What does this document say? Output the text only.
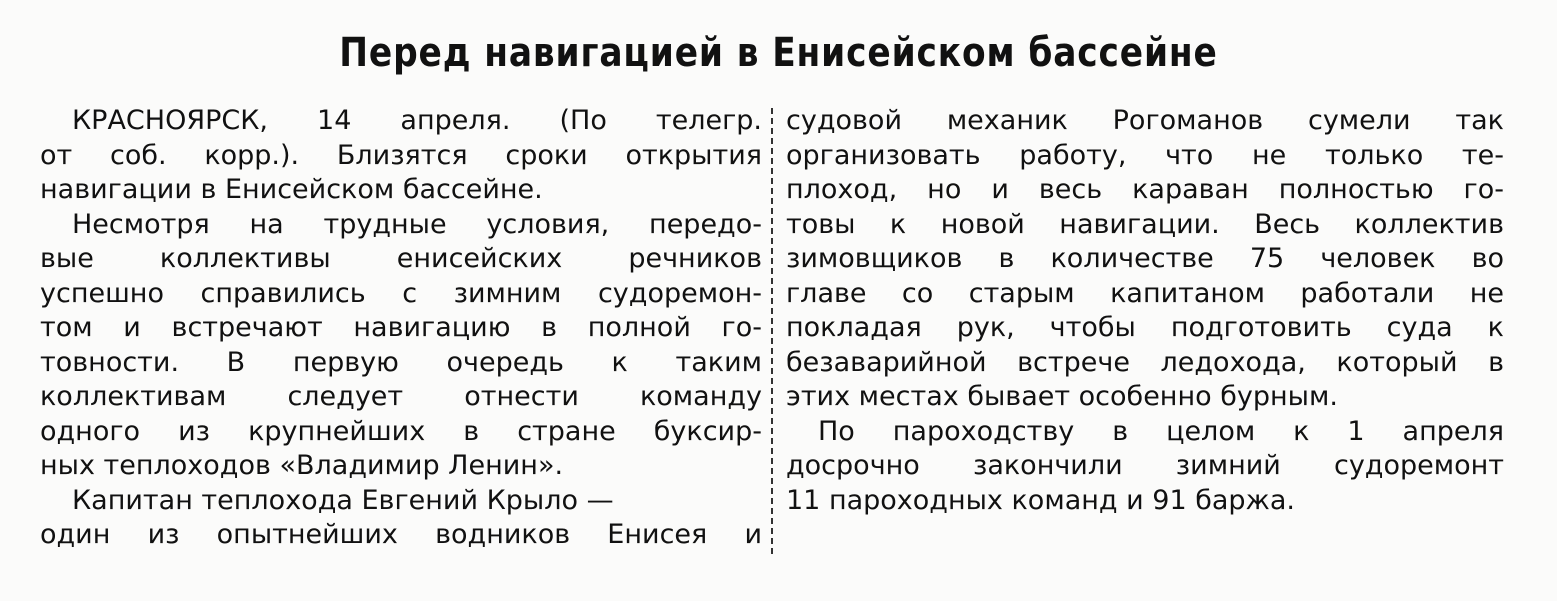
Перед навигацией в Енисейском бассейне
КРАСНОЯРСК, 14 апреля. (По телегр.
от соб. корр.). Близятся сроки открытия
навигации в Енисейском бассейне.
Несмотря на трудные условия, передо-
вые коллективы енисейских речников
успешно справились с зимним судоремон-
том и встречают навигацию в полной го-
товности. В первую очередь к таким
коллективам следует отнести команду
одного из крупнейших в стране буксир-
ных теплоходов «Владимир Ленин».
Капитан теплохода Евгений Крыло —
один из опытнейших водников Енисея и
судовой механик Рогоманов сумели так
организовать работу, что не только те-
плоход, но и весь караван полностью го-
товы к новой навигации. Весь коллектив
зимовщиков в количестве 75 человек во
главе со старым капитаном работали не
покладая рук, чтобы подготовить суда к
безаварийной встрече ледохода, который в
этих местах бывает особенно бурным.
По пароходству в целом к 1 апреля
досрочно закончили зимний судоремонт
11 пароходных команд и 91 баржа.
